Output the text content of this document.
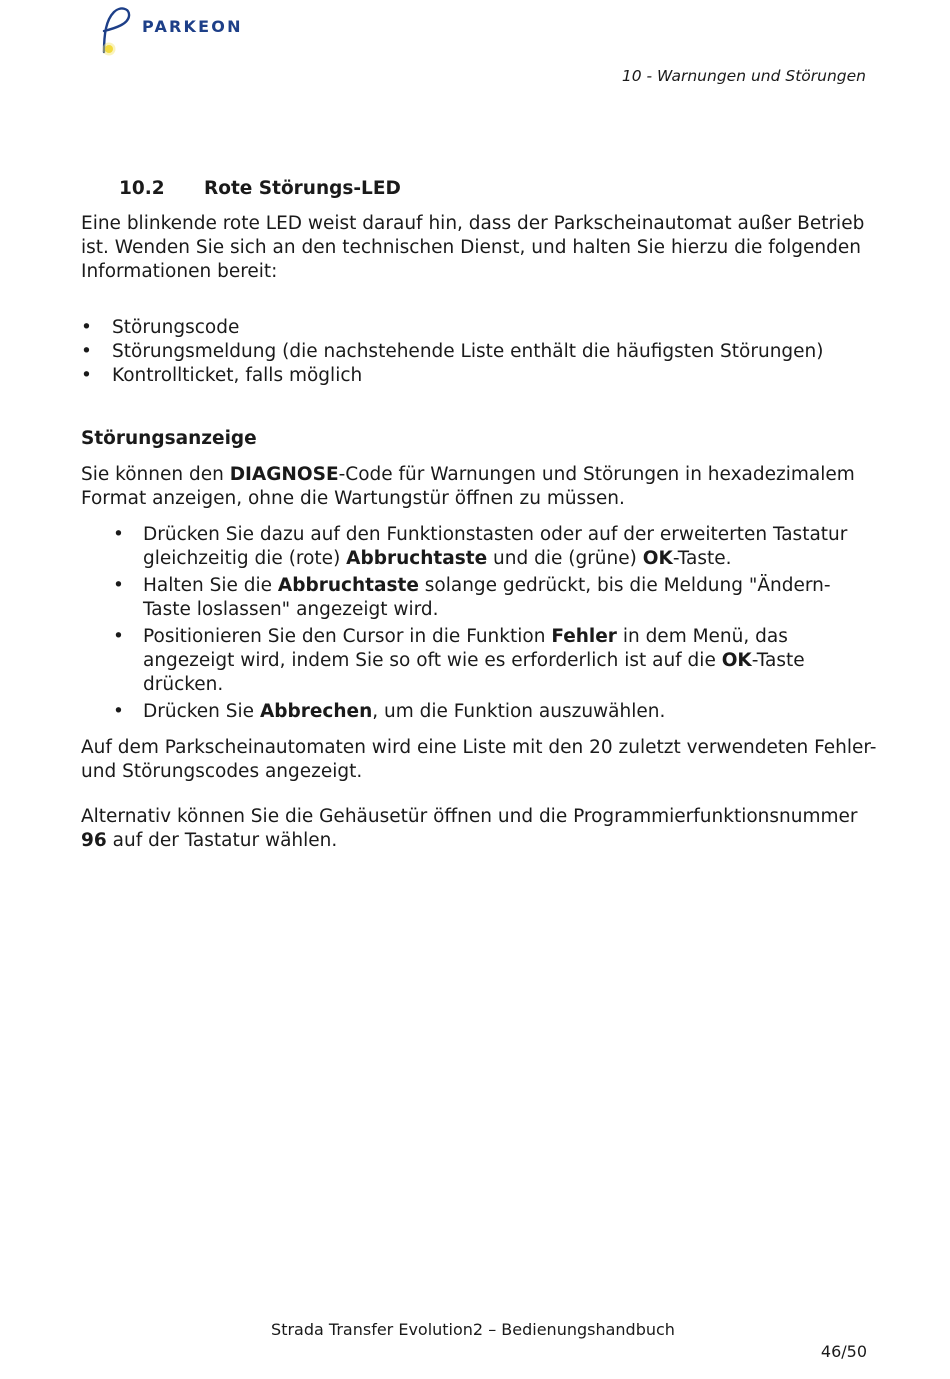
PARKEON
10 - Warnungen und Störungen
10.2 Rote Störungs-LED

Eine blinkende rote LED weist darauf hin, dass der Parkscheinautomat außer Betrieb ist. Wenden Sie sich an den technischen Dienst, und halten Sie hierzu die folgenden Informationen bereit:

• Störungscode
• Störungsmeldung (die nachstehende Liste enthält die häufigsten Störungen)
• Kontrollticket, falls möglich
Störungsanzeige

Sie können den DIAGNOSE-Code für Warnungen und Störungen in hexadezimalem Format anzeigen, ohne die Wartungstür öffnen zu müssen.

• Drücken Sie dazu auf den Funktionstasten oder auf der erweiterten Tastatur gleichzeitig die (rote) Abbruchtaste und die (grüne) OK-Taste.
• Halten Sie die Abbruchtaste solange gedrückt, bis die Meldung "Ändern-Taste loslassen" angezeigt wird.
• Positionieren Sie den Cursor in die Funktion Fehler in dem Menü, das angezeigt wird, indem Sie so oft wie es erforderlich ist auf die OK-Taste drücken.
• Drücken Sie Abbrechen, um die Funktion auszuwählen.

Auf dem Parkscheinautomaten wird eine Liste mit den 20 zuletzt verwendeten Fehler- und Störungscodes angezeigt.

Alternativ können Sie die Gehäusetür öffnen und die Programmierfunktionsnummer 96 auf der Tastatur wählen.

Strada Transfer Evolution2 – Bedienungshandbuch
46/50
